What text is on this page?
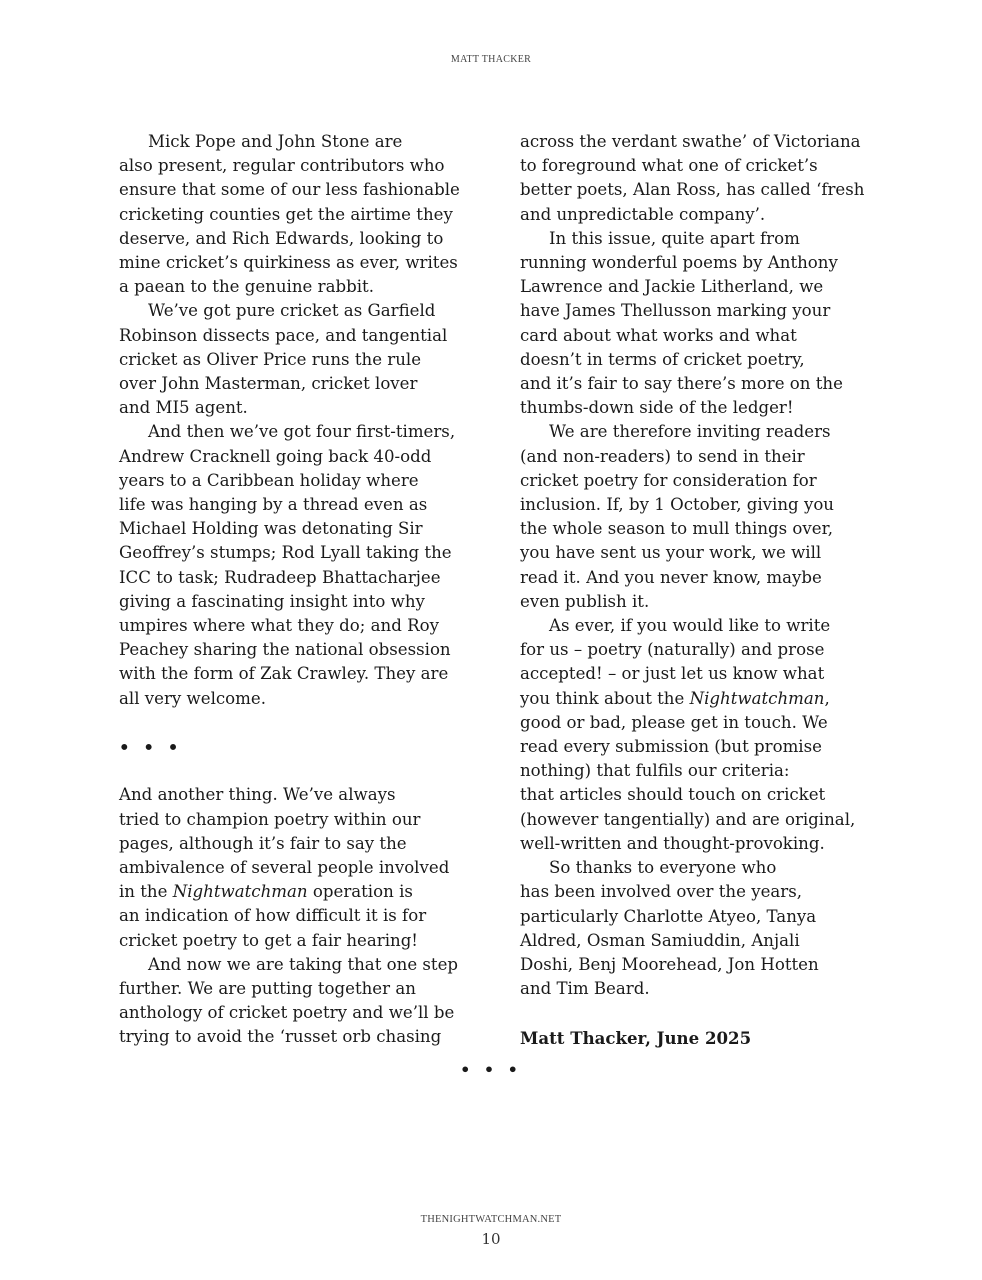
MATT THACKER
Mick Pope and John Stone are
also present, regular contributors who
ensure that some of our less fashionable
cricketing counties get the airtime they
deserve, and Rich Edwards, looking to
mine cricket’s quirkiness as ever, writes
a paean to the genuine rabbit.
We’ve got pure cricket as Garfield
Robinson dissects pace, and tangential
cricket as Oliver Price runs the rule
over John Masterman, cricket lover
and MI5 agent.
And then we’ve got four first-timers,
Andrew Cracknell going back 40-odd
years to a Caribbean holiday where
life was hanging by a thread even as
Michael Holding was detonating Sir
Geoffrey’s stumps; Rod Lyall taking the
ICC to task; Rudradeep Bhattacharjee
giving a fascinating insight into why
umpires where what they do; and Roy
Peachey sharing the national obsession
with the form of Zak Crawley. They are
all very welcome.
• • •
And another thing. We’ve always
tried to champion poetry within our
pages, although it’s fair to say the
ambivalence of several people involved
in the Nightwatchman operation is
an indication of how difficult it is for
cricket poetry to get a fair hearing!
And now we are taking that one step
further. We are putting together an
anthology of cricket poetry and we’ll be
trying to avoid the ‘russet orb chasing
across the verdant swathe’ of Victoriana
to foreground what one of cricket’s
better poets, Alan Ross, has called ‘fresh
and unpredictable company’.
In this issue, quite apart from
running wonderful poems by Anthony
Lawrence and Jackie Litherland, we
have James Thellusson marking your
card about what works and what
doesn’t in terms of cricket poetry,
and it’s fair to say there’s more on the
thumbs-down side of the ledger!
We are therefore inviting readers
(and non-readers) to send in their
cricket poetry for consideration for
inclusion. If, by 1 October, giving you
the whole season to mull things over,
you have sent us your work, we will
read it. And you never know, maybe
even publish it.
As ever, if you would like to write
for us – poetry (naturally) and prose
accepted! – or just let us know what
you think about the Nightwatchman,
good or bad, please get in touch. We
read every submission (but promise
nothing) that fulfils our criteria:
that articles should touch on cricket
(however tangentially) and are original,
well-written and thought-provoking.
So thanks to everyone who
has been involved over the years,
particularly Charlotte Atyeo, Tanya
Aldred, Osman Samiuddin, Anjali
Doshi, Benj Moorehead, Jon Hotten
and Tim Beard.
Matt Thacker, June 2025
• • •
THENIGHTWATCHMAN.NET
10
